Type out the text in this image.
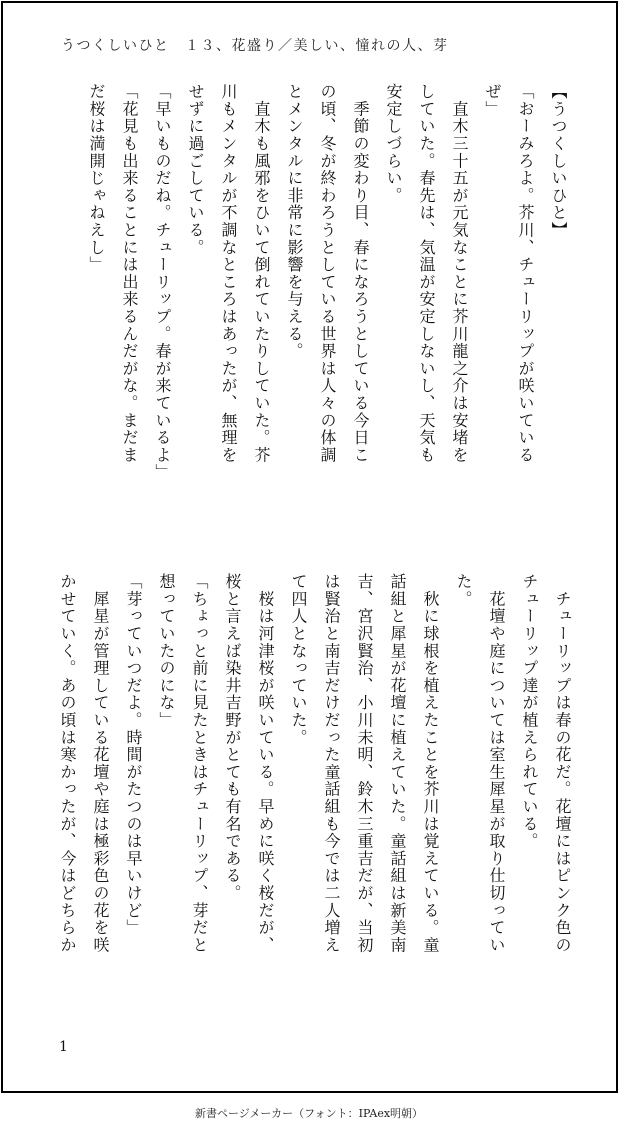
うつくしいひと　１３、花盛り／美しい、憧れの人、芽
【うつくしいひと】
「おーみろよ。芥川、チューリップが咲いている
ぜ」
　直木三十五が元気なことに芥川龍之介は安堵を
していた。春先は、気温が安定しないし、天気も
安定しづらい。
　季節の変わり目、春になろうとしている今日こ
の頃、冬が終わろうとしている世界は人々の体調
とメンタルに非常に影響を与える。
　直木も風邪をひいて倒れていたりしていた。芥
川もメンタルが不調なところはあったが、無理を
せずに過ごしている。
「早いものだね。チューリップ。春が来ているよ」
「花見も出来ることには出来るんだがな。まだま
だ桜は満開じゃねえし」
　チューリップは春の花だ。花壇にはピンク色の
チューリップ達が植えられている。
　花壇や庭については室生犀星が取り仕切ってい
た。
　秋に球根を植えたことを芥川は覚えている。童
話組と犀星が花壇に植えていた。童話組は新美南
吉、宮沢賢治、小川未明、鈴木三重吉だが、当初
は賢治と南吉だけだった童話組も今では二人増え
て四人となっていた。
　桜は河津桜が咲いている。早めに咲く桜だが、
桜と言えば染井吉野がとても有名である。
「ちょっと前に見たときはチューリップ、芽だと
想っていたのにな」
「芽っていつだよ。時間がたつのは早いけど」
　犀星が管理している花壇や庭は極彩色の花を咲
かせていく。あの頃は寒かったが、今はどちらか
1
新書ページメーカー（フォント：IPAex明朝）
